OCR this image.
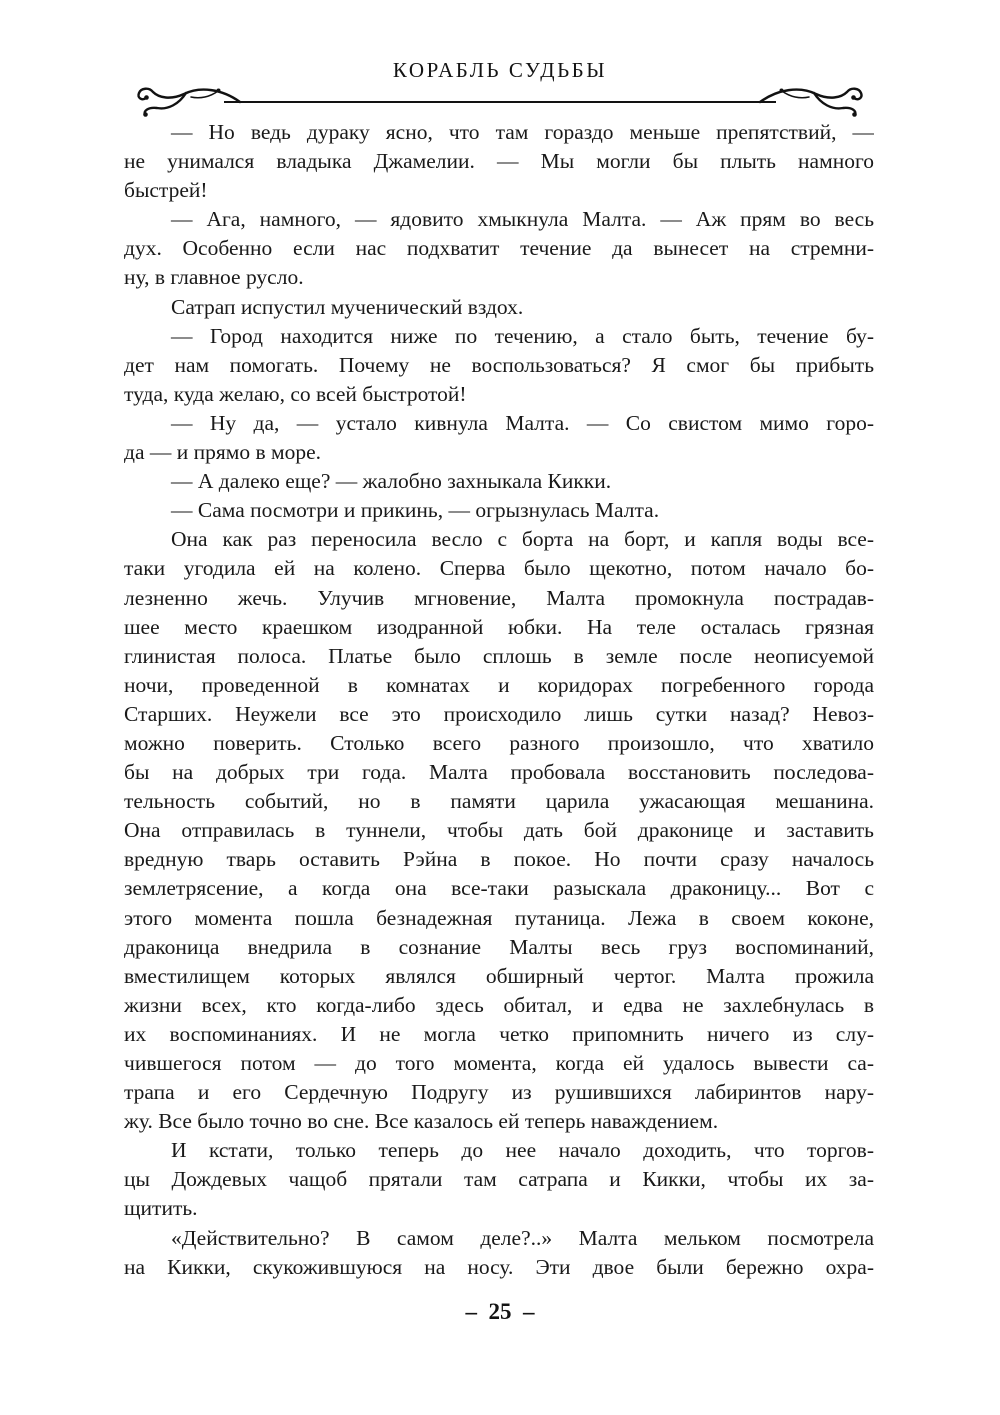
КОРАБЛЬ СУДЬБЫ
— Но ведь дураку ясно, что там гораздо меньше препятствий, —
не унимался владыка Джамелии. — Мы могли бы плыть намного
быстрей!
— Ага, намного, — ядовито хмыкнула Малта. — Аж прям во весь
дух. Особенно если нас подхватит течение да вынесет на стремни-
ну, в главное русло.
Сатрап испустил мученический вздох.
— Город находится ниже по течению, а стало быть, течение бу-
дет нам помогать. Почему не воспользоваться? Я смог бы прибыть
туда, куда желаю, со всей быстротой!
— Ну да, — устало кивнула Малта. — Со свистом мимо горо-
да — и прямо в море.
— А далеко еще? — жалобно захныкала Кикки.
— Сама посмотри и прикинь, — огрызнулась Малта.
Она как раз переносила весло с борта на борт, и капля воды все-
таки угодила ей на колено. Сперва было щекотно, потом начало бо-
лезненно жечь. Улучив мгновение, Малта промокнула пострадав-
шее место краешком изодранной юбки. На теле осталась грязная
глинистая полоса. Платье было сплошь в земле после неописуемой
ночи, проведенной в комнатах и коридорах погребенного города
Старших. Неужели все это происходило лишь сутки назад? Невоз-
можно поверить. Столько всего разного произошло, что хватило
бы на добрых три года. Малта пробовала восстановить последова-
тельность событий, но в памяти царила ужасающая мешанина.
Она отправилась в туннели, чтобы дать бой драконице и заставить
вредную тварь оставить Рэйна в покое. Но почти сразу началось
землетрясение, а когда она все-таки разыскала драконицу... Вот с
этого момента пошла безнадежная путаница. Лежа в своем коконе,
драконица внедрила в сознание Малты весь груз воспоминаний,
вместилищем которых являлся обширный чертог. Малта прожила
жизни всех, кто когда-либо здесь обитал, и едва не захлебнулась в
их воспоминаниях. И не могла четко припомнить ничего из слу-
чившегося потом — до того момента, когда ей удалось вывести са-
трапа и его Сердечную Подругу из рушившихся лабиринтов нару-
жу. Все было точно во сне. Все казалось ей теперь наваждением.
И кстати, только теперь до нее начало доходить, что торгов-
цы Дождевых чащоб прятали там сатрапа и Кикки, чтобы их за-
щитить.
«Действительно? В самом деле?..» Малта мельком посмотрела
на Кикки, скукожившуюся на носу. Эти двое были бережно охра-
–  25  –
